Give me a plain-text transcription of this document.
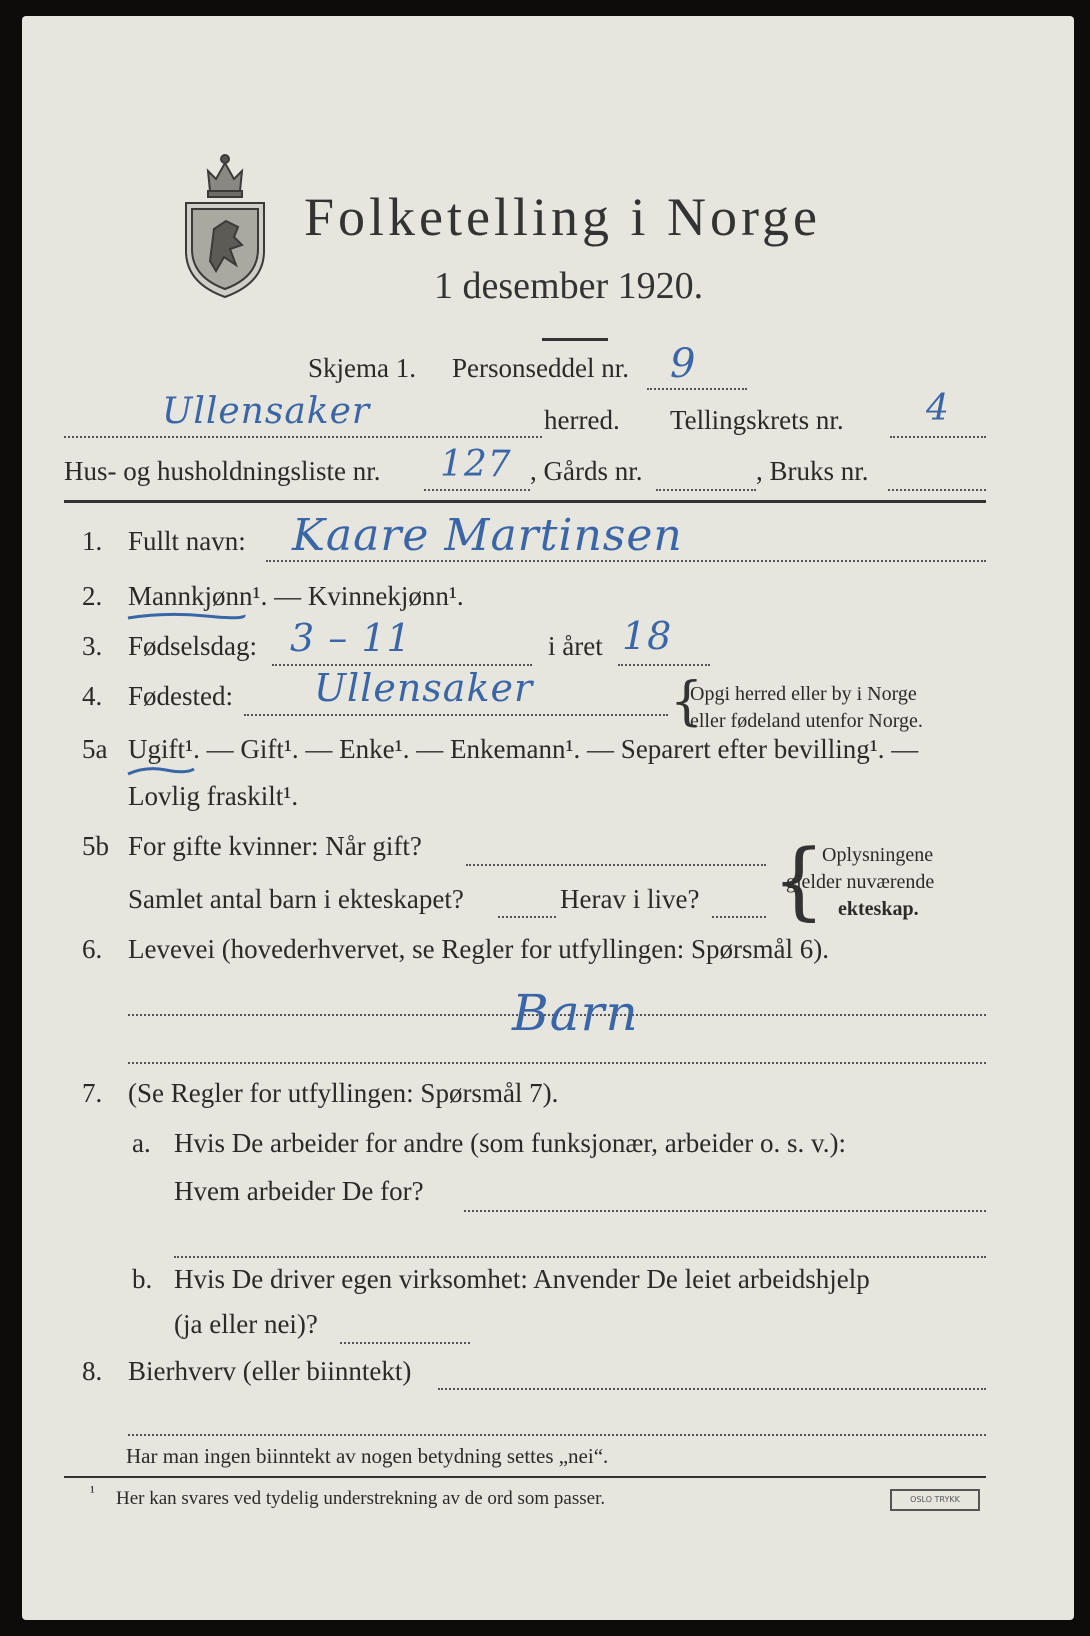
Folketelling i Norge
1 desember 1920.
Skjema 1. Personseddel nr. 9
Ullensaker	herred. Tellingskrets nr. 4
Hus- og husholdningsliste nr. 127 , Gårds nr.	, Bruks nr.
1. Fullt navn: Kaare Martinsen
2. Mannkjønn¹. — Kvinnekjønn¹.
3. Fødselsdag: 3 – 11	i året 18
4. Fødested: Ullensaker	{
Opgi herred eller by i Norge
eller fødeland utenfor Norge.
5a Ugift¹. — Gift¹. — Enke¹. — Enkemann¹. — Separert efter bevilling¹. —
Lovlig fraskilt¹.
5b For gifte kvinner: Når gift?
Samlet antal barn i ekteskapet?	Herav i live? {
Oplysningene
gjelder nuværende
ekteskap.
6. Levevei (hovederhvervet, se Regler for utfyllingen: Spørsmål 6).
Barn
7. (Se Regler for utfyllingen: Spørsmål 7).
a. Hvis De arbeider for andre (som funksjonær, arbeider o. s. v.):
Hvem arbeider De for?
b. Hvis De driver egen virksomhet: Anvender De leiet arbeidshjelp
(ja eller nei)?
8. Bierhverv (eller biinntekt)
Har man ingen biinntekt av nogen betydning settes „nei“.
¹ Her kan svares ved tydelig understrekning av de ord som passer.	OSLO TRYKK
